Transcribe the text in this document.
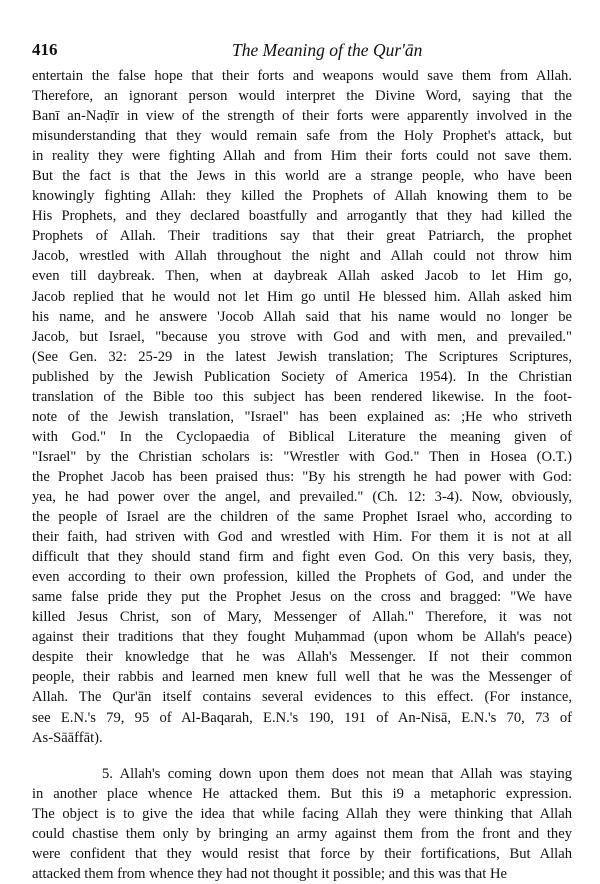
416	The Meaning of the Qur'ān

entertain the false hope that their forts and weapons would save them from Allah.
Therefore, an ignorant person would interpret the Divine Word, saying that the
Banī an-Naḍīr in view of the strength of their forts were apparently involved in the
misunderstanding that they would remain safe from the Holy Prophet's attack, but
in reality they were fighting Allah and from Him their forts could not save them.
But the fact is that the Jews in this world are a strange people, who have been
knowingly fighting Allah: they killed the Prophets of Allah knowing them to be
His Prophets, and they declared boastfully and arrogantly that they had killed the
Prophets of Allah. Their traditions say that their great Patriarch, the prophet
Jacob, wrestled with Allah throughout the night and Allah could not throw him
even till daybreak. Then, when at daybreak Allah asked Jacob to let Him go,
Jacob replied that he would not let Him go until He blessed him. Allah asked him
his name, and he answere 'Jocob Allah said that his name would no longer be
Jacob, but Israel, "because you strove with God and with men, and prevailed."
(See Gen. 32: 25-29 in the latest Jewish translation; The Scriptures Scriptures,
published by the Jewish Publication Society of America 1954). In the Christian
translation of the Bible too this subject has been rendered likewise. In the foot-
note of the Jewish translation, "Israel" has been explained as: ;He who striveth
with God." In the Cyclopaedia of Biblical Literature the meaning given of
"Israel" by the Christian scholars is: "Wrestler with God." Then in Hosea (O.T.)
the Prophet Jacob has been praised thus: "By his strength he had power with God:
yea, he had power over the angel, and prevailed." (Ch. 12: 3-4). Now, obviously,
the people of Israel are the children of the same Prophet Israel who, according to
their faith, had striven with God and wrestled with Him. For them it is not at all
difficult that they should stand firm and fight even God. On this very basis, they,
even according to their own profession, killed the Prophets of God, and under the
same false pride they put the Prophet Jesus on the cross and bragged: "We have
killed Jesus Christ, son of Mary, Messenger of Allah." Therefore, it was not
against their traditions that they fought Muḥammad (upon whom be Allah's peace)
despite their knowledge that he was Allah's Messenger. If not their common
people, their rabbis and learned men knew full well that he was the Messenger of
Allah. The Qur'ān itself contains several evidences to this effect. (For instance,
see E.N.'s 79, 95 of Al-Baqarah, E.N.'s 190, 191 of An-Nisā, E.N.'s 70, 73 of
As-Sāāffāt).

5. Allah's coming down upon them does not mean that Allah was staying
in another place whence He attacked them. But this i9 a metaphoric expression.
The object is to give the idea that while facing Allah they were thinking that Allah
could chastise them only by bringing an army against them from the front and they
were confident that they would resist that force by their fortifications, But Allah
attacked them from whence they had not thought it possible; and this was that He
